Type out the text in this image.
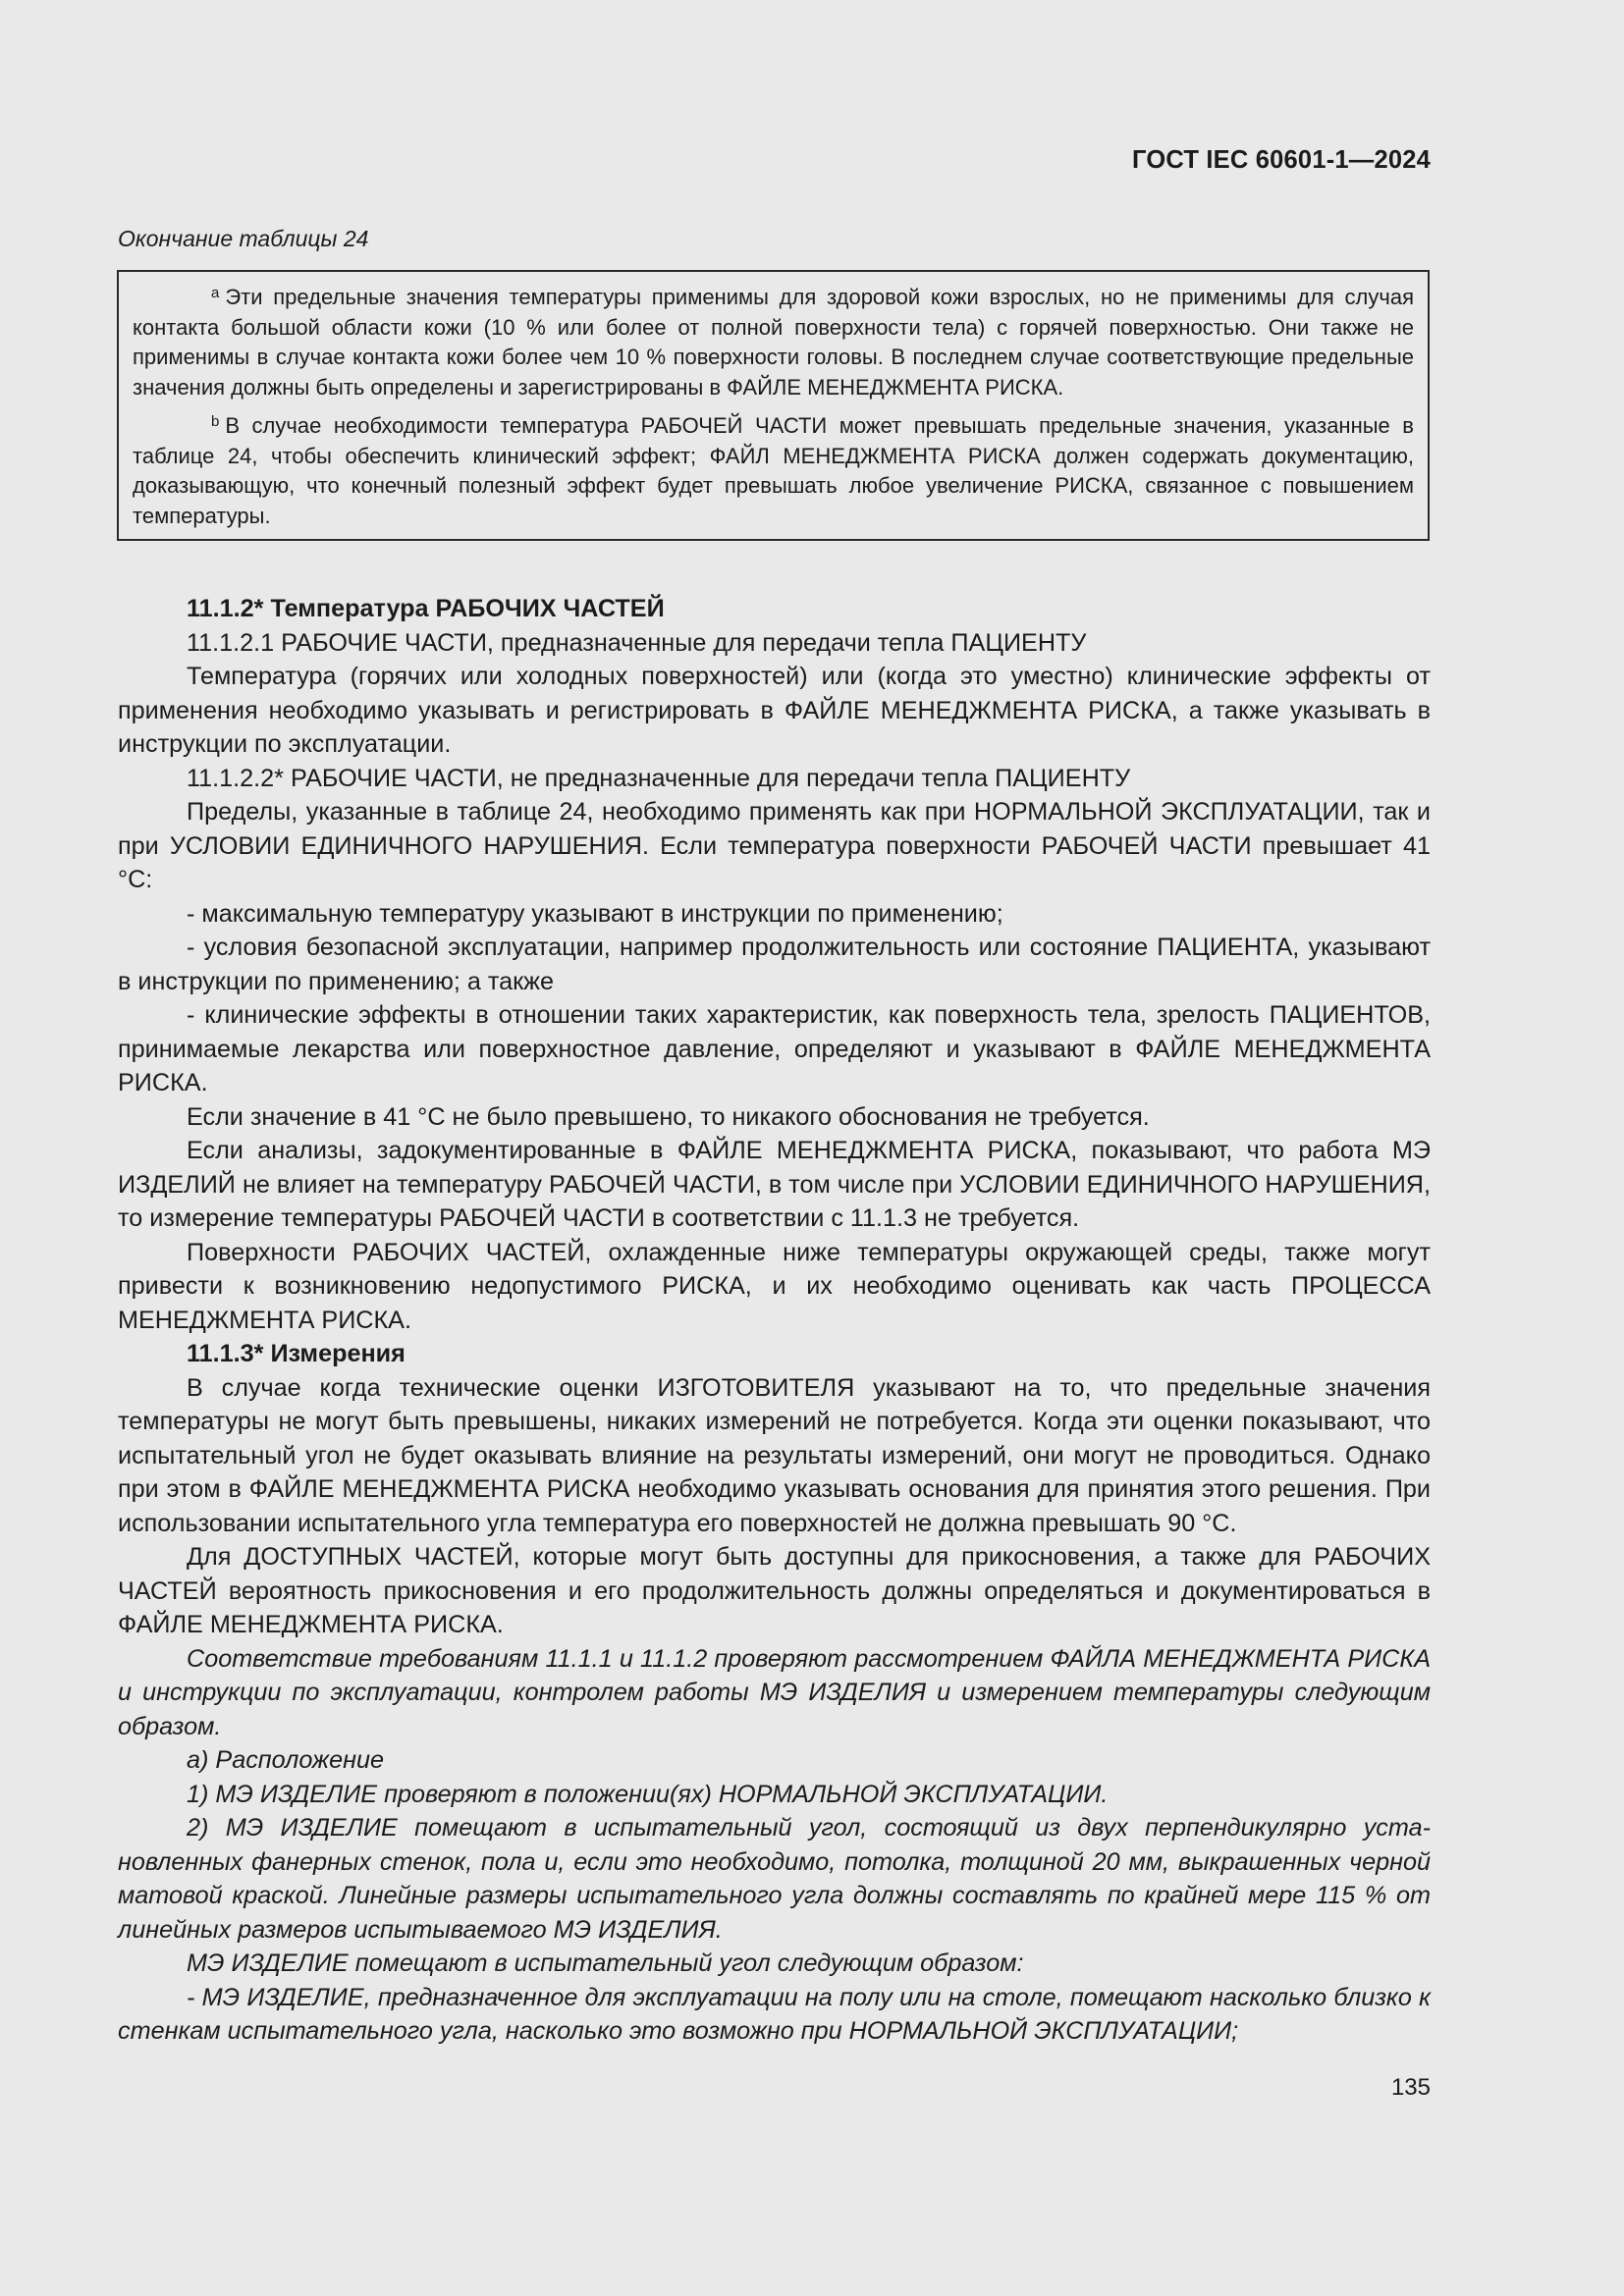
ГОСТ IEC 60601-1—2024
Окончание таблицы 24

$^a$ Эти предельные значения температуры применимы для здоровой кожи взрослых, но не применимы для случая контакта большой области кожи (10 % или более от полной поверхности тела) с горячей поверхностью. Они также не применимы в случае контакта кожи более чем 10 % поверхности головы. В последнем случае соответствующие предельные значения должны быть определены и зарегистрированы в ФАЙЛЕ МЕНЕДЖМЕНТА РИСКА.

$^b$ В случае необходимости температура РАБОЧЕЙ ЧАСТИ может превышать предельные значения, указанные в таблице 24, чтобы обеспечить клинический эффект; ФАЙЛ МЕНЕДЖМЕНТА РИСКА должен содержать документацию, доказывающую, что конечный полезный эффект будет превышать любое увеличение РИСКА, связанное с повышением температуры.

11.1.2* Температура РАБОЧИХ ЧАСТЕЙ

11.1.2.1 РАБОЧИЕ ЧАСТИ, предназначенные для передачи тепла ПАЦИЕНТУ

Температура (горячих или холодных поверхностей) или (когда это уместно) клинические эффекты от применения необходимо указывать и регистрировать в ФАЙЛЕ МЕНЕДЖМЕНТА РИСКА, а также указывать в инструкции по эксплуатации.

11.1.2.2* РАБОЧИЕ ЧАСТИ, не предназначенные для передачи тепла ПАЦИЕНТУ

Пределы, указанные в таблице 24, необходимо применять как при НОРМАЛЬНОЙ ЭКСПЛУАТАЦИИ, так и при УСЛОВИИ ЕДИНИЧНОГО НАРУШЕНИЯ. Если температура поверхности РАБОЧЕЙ ЧАСТИ превышает 41 °С:

- максимальную температуру указывают в инструкции по применению;

- условия безопасной эксплуатации, например продолжительность или состояние ПАЦИЕНТА, указывают в инструкции по применению; а также

- клинические эффекты в отношении таких характеристик, как поверхность тела, зрелость ПАЦИЕНТОВ, принимаемые лекарства или поверхностное давление, определяют и указывают в ФАЙЛЕ МЕНЕДЖМЕНТА РИСКА.

Если значение в 41 °С не было превышено, то никакого обоснования не требуется.

Если анализы, задокументированные в ФАЙЛЕ МЕНЕДЖМЕНТА РИСКА, показывают, что работа МЭ ИЗДЕЛИЙ не влияет на температуру РАБОЧЕЙ ЧАСТИ, в том числе при УСЛОВИИ ЕДИНИЧНОГО НАРУШЕНИЯ, то измерение температуры РАБОЧЕЙ ЧАСТИ в соответствии с 11.1.3 не требуется.

Поверхности РАБОЧИХ ЧАСТЕЙ, охлажденные ниже температуры окружающей среды, также могут привести к возникновению недопустимого РИСКА, и их необходимо оценивать как часть ПРОЦЕССА МЕНЕДЖМЕНТА РИСКА.

11.1.3* Измерения

В случае когда технические оценки ИЗГОТОВИТЕЛЯ указывают на то, что предельные значения температуры не могут быть превышены, никаких измерений не потребуется. Когда эти оценки показывают, что испытательный угол не будет оказывать влияние на результаты измерений, они могут не проводиться. Однако при этом в ФАЙЛЕ МЕНЕДЖМЕНТА РИСКА необходимо указывать основания для принятия этого решения. При использовании испытательного угла температура его поверхностей не должна превышать 90 °С.

Для ДОСТУПНЫХ ЧАСТЕЙ, которые могут быть доступны для прикосновения, а также для РАБОЧИХ ЧАСТЕЙ вероятность прикосновения и его продолжительность должны определяться и документироваться в ФАЙЛЕ МЕНЕДЖМЕНТА РИСКА.

Соответствие требованиям 11.1.1 и 11.1.2 проверяют рассмотрением ФАЙЛА МЕНЕДЖМЕНТА РИСКА и инструкции по эксплуатации, контролем работы МЭ ИЗДЕЛИЯ и измерением температуры следующим образом.

а) Расположение

1) МЭ ИЗДЕЛИЕ проверяют в положении(ях) НОРМАЛЬНОЙ ЭКСПЛУАТАЦИИ.

2) МЭ ИЗДЕЛИЕ помещают в испытательный угол, состоящий из двух перпендикулярно установленных фанерных стенок, пола и, если это необходимо, потолка, толщиной 20 мм, выкрашенных черной матовой краской. Линейные размеры испытательного угла должны составлять по крайней мере 115 % от линейных размеров испытываемого МЭ ИЗДЕЛИЯ.

МЭ ИЗДЕЛИЕ помещают в испытательный угол следующим образом:

- МЭ ИЗДЕЛИЕ, предназначенное для эксплуатации на полу или на столе, помещают насколько близко к стенкам испытательного угла, насколько это возможно при НОРМАЛЬНОЙ ЭКСПЛУАТАЦИИ;

135
